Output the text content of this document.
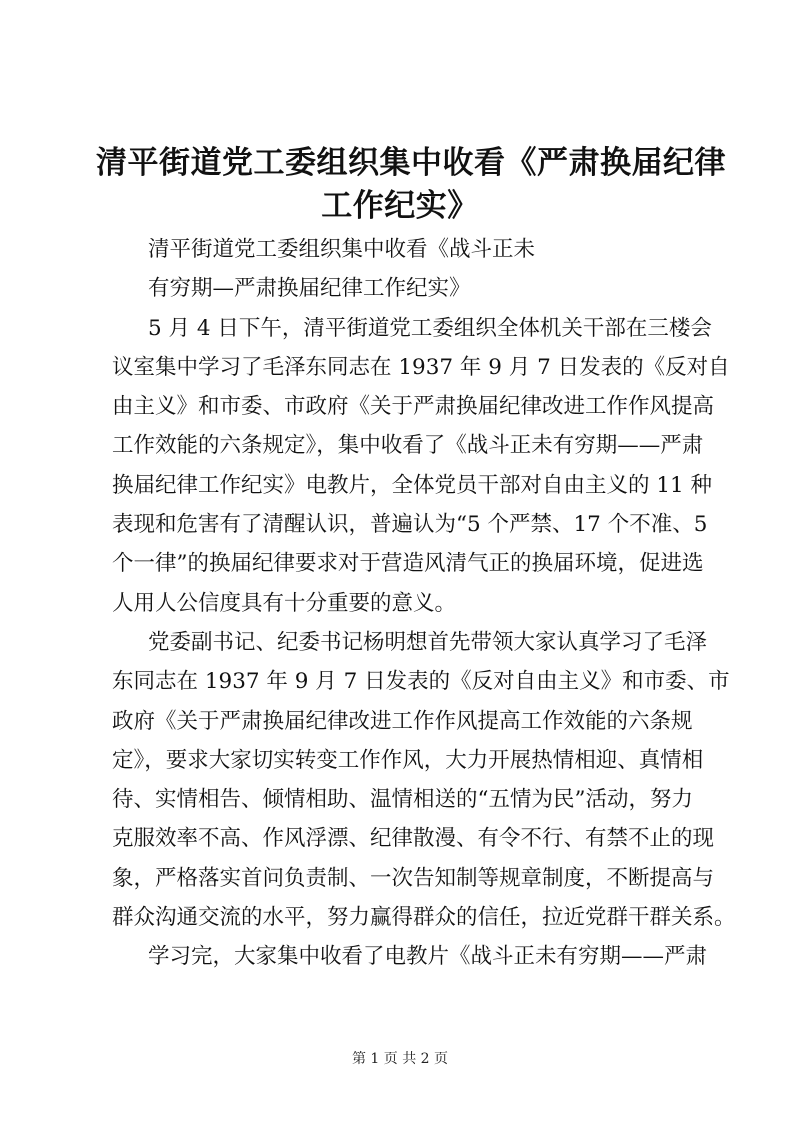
清平街道党工委组织集中收看《严肃换届纪律
工作纪实》
清平街道党工委组织集中收看《战斗正未
有穷期—严肃换届纪律工作纪实》
5 月 4 日下午，清平街道党工委组织全体机关干部在三楼会
议室集中学习了毛泽东同志在 1937 年 9 月 7 日发表的《反对自
由主义》和市委、市政府《关于严肃换届纪律改进工作作风提高
工作效能的六条规定》，集中收看了《战斗正未有穷期——严肃
换届纪律工作纪实》电教片，全体党员干部对自由主义的 11 种
表现和危害有了清醒认识，普遍认为“5 个严禁、17 个不准、5
个一律”的换届纪律要求对于营造风清气正的换届环境，促进选
人用人公信度具有十分重要的意义。
党委副书记、纪委书记杨明想首先带领大家认真学习了毛泽
东同志在 1937 年 9 月 7 日发表的《反对自由主义》和市委、市
政府《关于严肃换届纪律改进工作作风提高工作效能的六条规
定》，要求大家切实转变工作作风，大力开展热情相迎、真情相
待、实情相告、倾情相助、温情相送的“五情为民”活动，努力
克服效率不高、作风浮漂、纪律散漫、有令不行、有禁不止的现
象，严格落实首问负责制、一次告知制等规章制度，不断提高与
群众沟通交流的水平，努力赢得群众的信任，拉近党群干群关系。
学习完，大家集中收看了电教片《战斗正未有穷期——严肃
第 1 页 共 2 页
